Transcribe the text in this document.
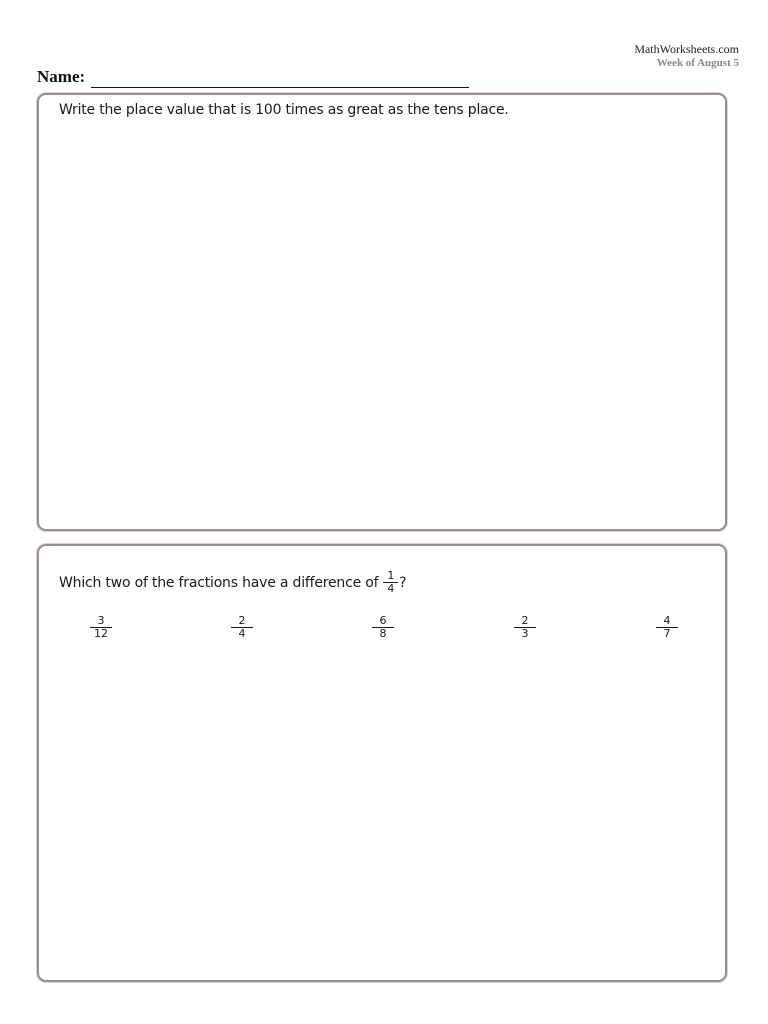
MathWorksheets.com
Week of August 5
Name:
Write the place value that is 100 times as great as the tens place.
Which two of the fractions have a difference of $\frac{1}{4}$ ?
$\frac{3}{12}$	$\frac{2}{4}$	$\frac{6}{8}$	$\frac{2}{3}$	$\frac{4}{7}$
